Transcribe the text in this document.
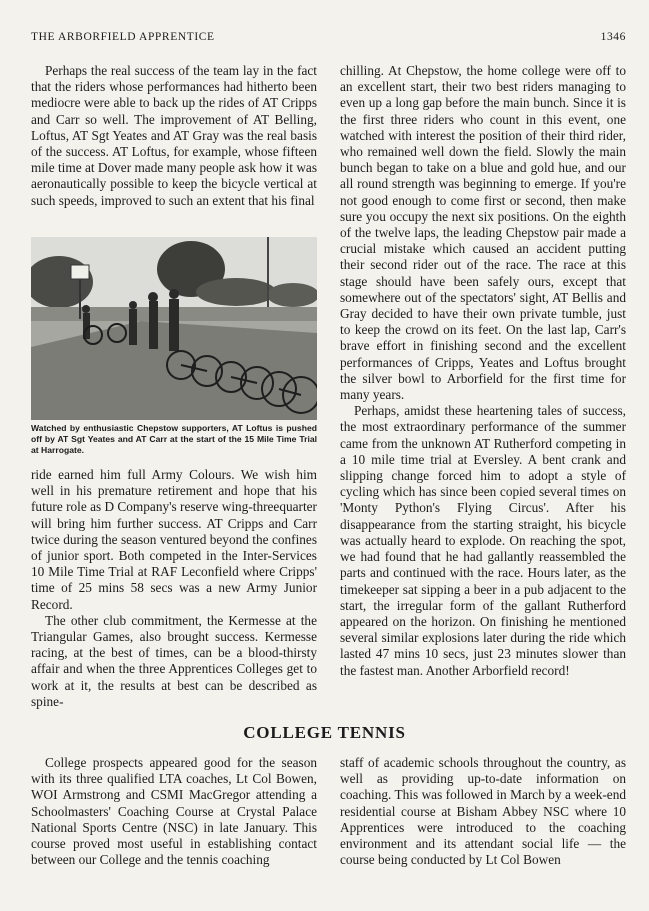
THE ARBORFIELD APPRENTICE	1346

Perhaps the real success of the team lay in the fact that the riders whose performances had hitherto been mediocre were able to back up the rides of AT Cripps and Carr so well. The improvement of AT Belling, Loftus, AT Sgt Yeates and AT Gray was the real basis of the success. AT Loftus, for example, whose fifteen mile time at Dover made many people ask how it was aeronautically possible to keep the bicycle vertical at such speeds, improved to such an extent that his final

Watched by enthusiastic Chepstow supporters, AT Loftus is pushed off by AT Sgt Yeates and AT Carr at the start of the 15 Mile Time Trial at Harrogate.

ride earned him full Army Colours. We wish him well in his premature retirement and hope that his future role as D Company's reserve wing-threequarter will bring him further success. AT Cripps and Carr twice during the season ventured beyond the confines of junior sport. Both competed in the Inter-Services 10 Mile Time Trial at RAF Leconfield where Cripps' time of 25 mins 58 secs was a new Army Junior Record.

The other club commitment, the Kermesse at the Triangular Games, also brought success. Kermesse racing, at the best of times, can be a blood-thirsty affair and when the three Apprentices Colleges get to work at it, the results at best can be described as spine-

chilling. At Chepstow, the home college were off to an excellent start, their two best riders managing to even up a long gap before the main bunch. Since it is the first three riders who count in this event, one watched with interest the position of their third rider, who remained well down the field. Slowly the main bunch began to take on a blue and gold hue, and our all round strength was beginning to emerge. If you're not good enough to come first or second, then make sure you occupy the next six positions. On the eighth of the twelve laps, the leading Chepstow pair made a crucial mistake which caused an accident putting their second rider out of the race. The race at this stage should have been safely ours, except that somewhere out of the spectators' sight, AT Bellis and Gray decided to have their own private tumble, just to keep the crowd on its feet. On the last lap, Carr's brave effort in finishing second and the excellent performances of Cripps, Yeates and Loftus brought the silver bowl to Arborfield for the first time for many years.

Perhaps, amidst these heartening tales of success, the most extraordinary performance of the summer came from the unknown AT Rutherford competing in a 10 mile time trial at Eversley. A bent crank and slipping change forced him to adopt a style of cycling which has since been copied several times on 'Monty Python's Flying Circus'. After his disappearance from the starting straight, his bicycle was actually heard to explode. On reaching the spot, we had found that he had gallantly reassembled the parts and continued with the race. Hours later, as the timekeeper sat sipping a beer in a pub adjacent to the start, the irregular form of the gallant Rutherford appeared on the horizon. On finishing he mentioned several similar explosions later during the ride which lasted 47 mins 10 secs, just 23 minutes slower than the fastest man. Another Arborfield record!

COLLEGE TENNIS

College prospects appeared good for the season with its three qualified LTA coaches, Lt Col Bowen, WOI Armstrong and CSMI MacGregor attending a Schoolmasters' Coaching Course at Crystal Palace National Sports Centre (NSC) in late January. This course proved most useful in establishing contact between our College and the tennis coaching

staff of academic schools throughout the country, as well as providing up-to-date information on coaching. This was followed in March by a week-end residential course at Bisham Abbey NSC where 10 Apprentices were introduced to the coaching environment and its attendant social life — the course being conducted by Lt Col Bowen
